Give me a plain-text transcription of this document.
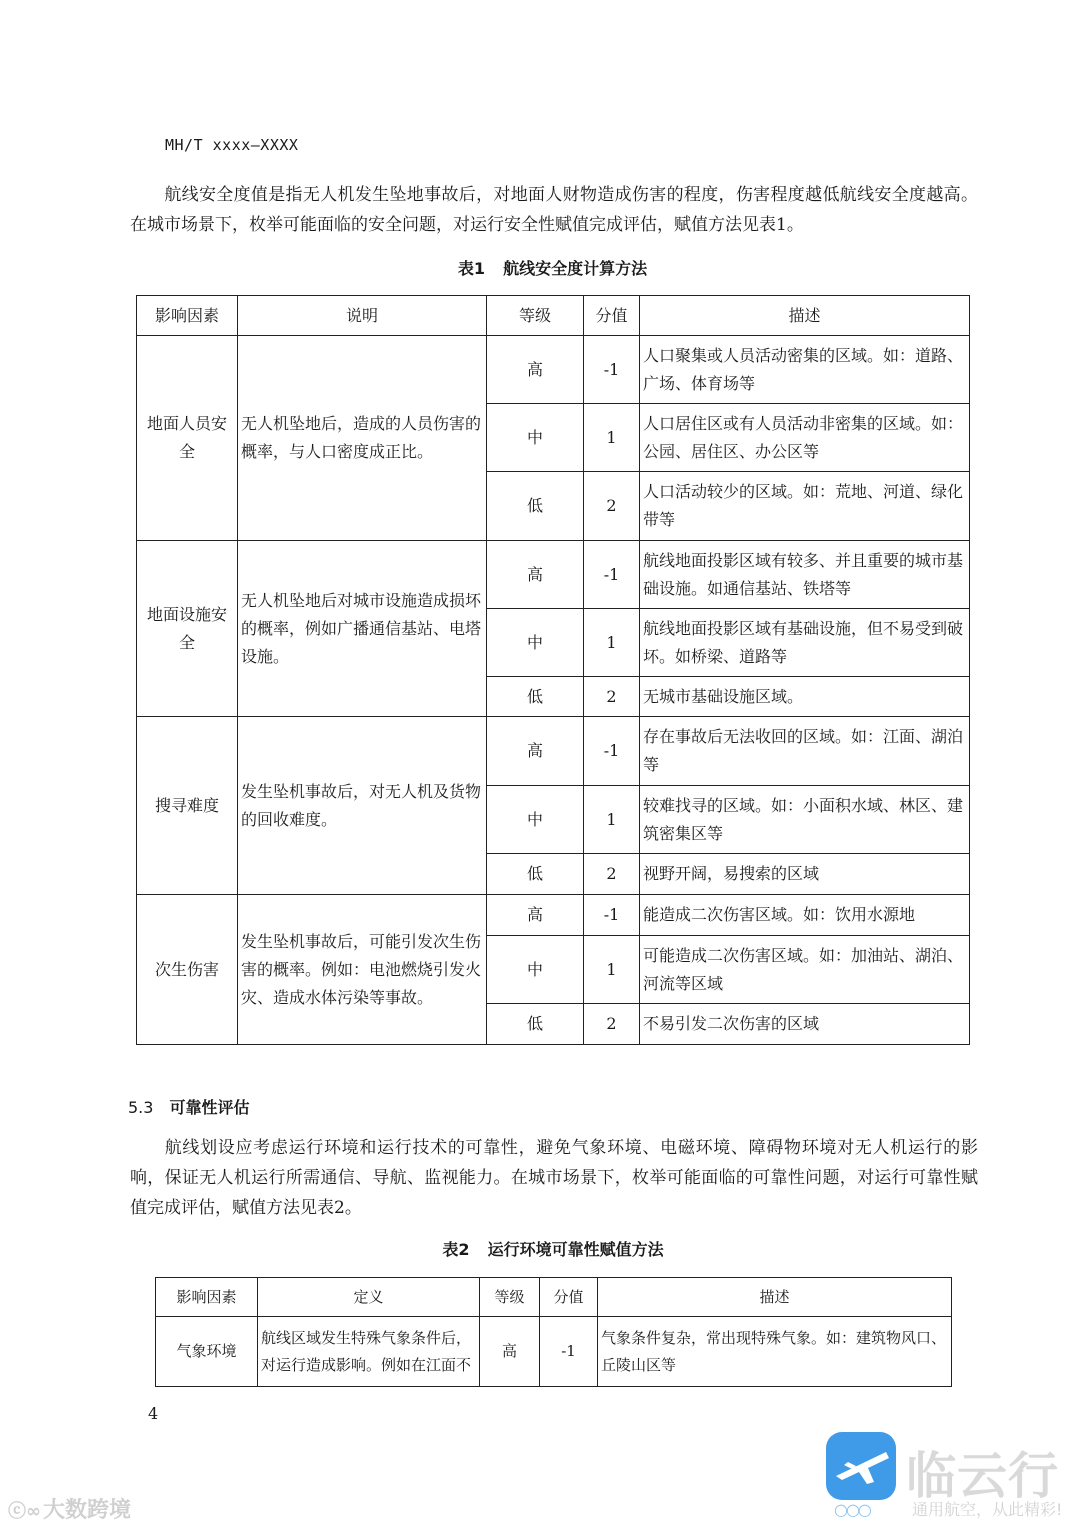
MH/T xxxx—XXXX
航线安全度值是指无人机发生坠地事故后，对地面人财物造成伤害的程度，伤害程度越低航线安全度越高。在城市场景下，枚举可能面临的安全问题，对运行安全性赋值完成评估，赋值方法见表1。
表1 航线安全度计算方法
影响因素	说明	等级	分值	描述
地面人员安全	无人机坠地后，造成的人员伤害的概率，与人口密度成正比。	高	-1	人口聚集或人员活动密集的区域。如：道路、广场、体育场等
		中	1	人口居住区或有人员活动非密集的区域。如：公园、居住区、办公区等
		低	2	人口活动较少的区域。如：荒地、河道、绿化带等
地面设施安全	无人机坠地后对城市设施造成损坏的概率，例如广播通信基站、电塔设施。	高	-1	航线地面投影区域有较多、并且重要的城市基础设施。如通信基站、铁塔等
		中	1	航线地面投影区域有基础设施，但不易受到破坏。如桥梁、道路等
		低	2	无城市基础设施区域。
搜寻难度	发生坠机事故后，对无人机及货物的回收难度。	高	-1	存在事故后无法收回的区域。如：江面、湖泊等
		中	1	较难找寻的区域。如：小面积水域、林区、建筑密集区等
		低	2	视野开阔，易搜索的区域
次生伤害	发生坠机事故后，可能引发次生伤害的概率。例如：电池燃烧引发火灾、造成水体污染等事故。	高	-1	能造成二次伤害区域。如：饮用水源地
		中	1	可能造成二次伤害区域。如：加油站、湖泊、河流等区域
		低	2	不易引发二次伤害的区域
5.3 可靠性评估
航线划设应考虑运行环境和运行技术的可靠性，避免气象环境、电磁环境、障碍物环境对无人机运行的影响，保证无人机运行所需通信、导航、监视能力。在城市场景下，枚举可能面临的可靠性问题，对运行可靠性赋值完成评估，赋值方法见表2。
表2 运行环境可靠性赋值方法
影响因素	定义	等级	分值	描述
气象环境	航线区域发生特殊气象条件后，对运行造成影响。例如在江面不	高	-1	气象条件复杂，常出现特殊气象。如：建筑物风口、丘陵山区等
4
ⓒ∞大数跨境	○○○
临云行
通用航空，从此精彩!
